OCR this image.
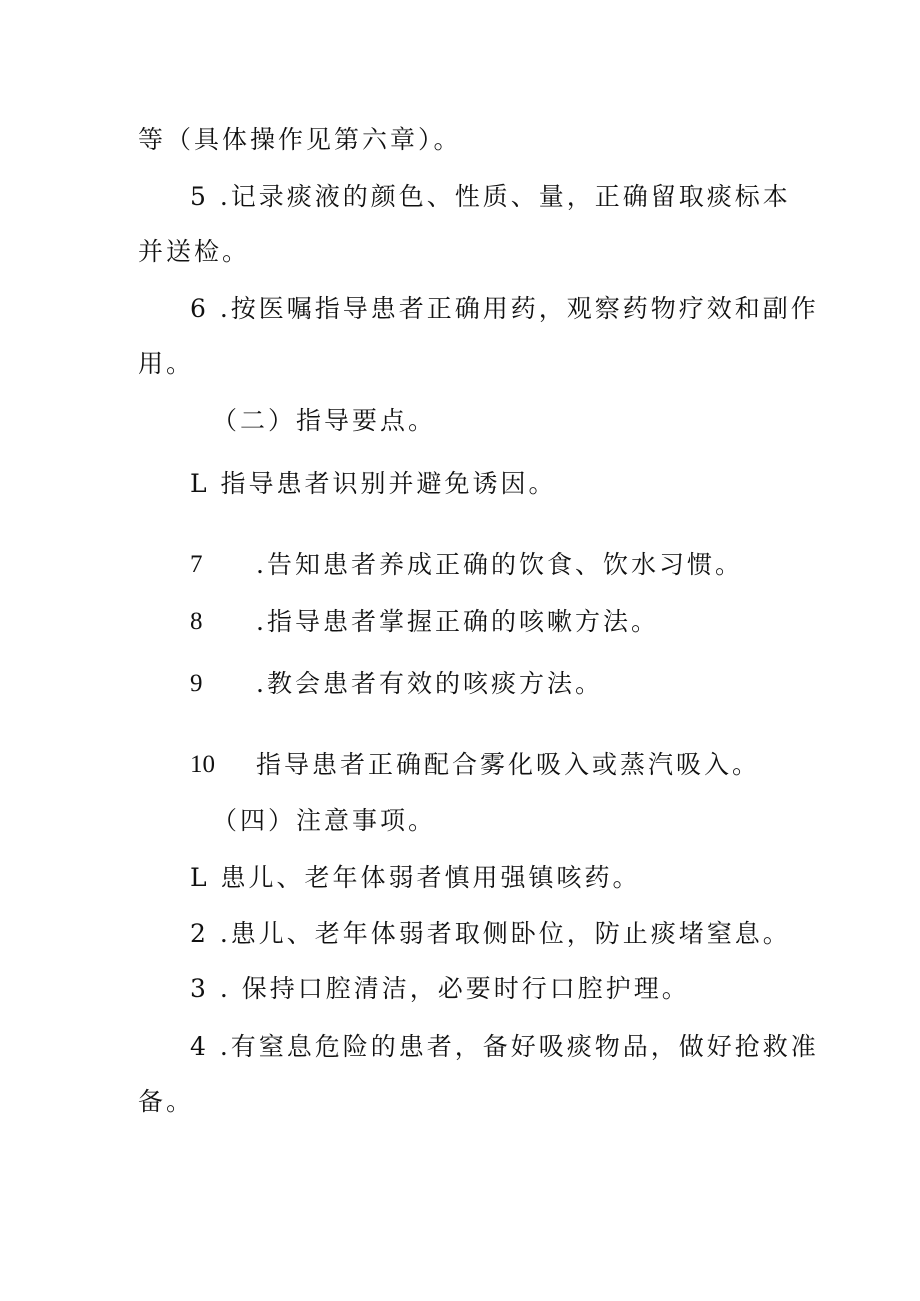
等（具体操作见第六章）。
5 .记录痰液的颜色、性质、量，正确留取痰标本
并送检。
6 .按医嘱指导患者正确用药，观察药物疗效和副作
用。
（二）指导要点。
L 指导患者识别并避免诱因。
7 .告知患者养成正确的饮食、饮水习惯。
8 .指导患者掌握正确的咳嗽方法。
9 .教会患者有效的咳痰方法。
10 指导患者正确配合雾化吸入或蒸汽吸入。
（四）注意事项。
L 患儿、老年体弱者慎用强镇咳药。
2 .患儿、老年体弱者取侧卧位，防止痰堵窒息。
3 . 保持口腔清洁，必要时行口腔护理。
4 .有窒息危险的患者，备好吸痰物品，做好抢救准
备。
